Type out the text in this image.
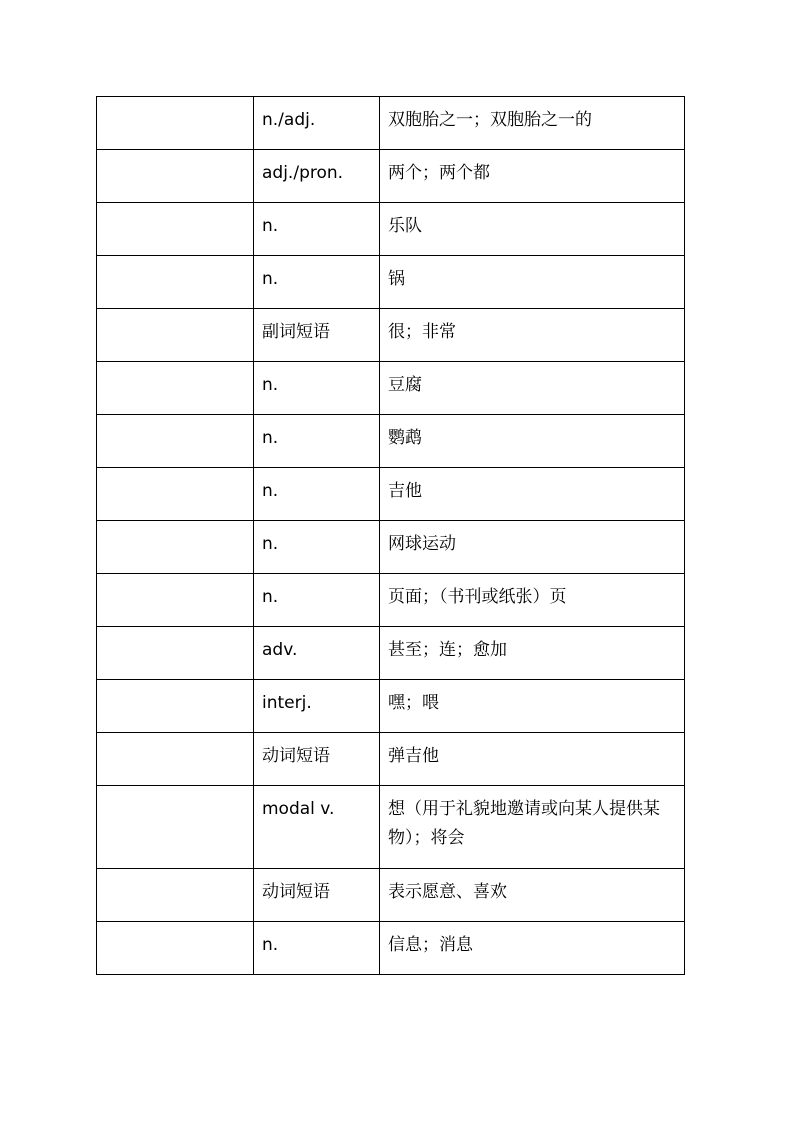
	n./adj.	双胞胎之一；双胞胎之一的

	adj./pron.	两个；两个都

	n.	乐队

	n.	锅

	副词短语	很；非常

	n.	豆腐

	n.	鹦鹉

	n.	吉他

	n.	网球运动

	n.	页面；（书刊或纸张）页

	adv.	甚至；连；愈加

	interj.	嘿；喂

	动词短语	弹吉他

	modal v.	想（用于礼貌地邀请或向某人提供某物）；将会

	动词短语	表示愿意、喜欢

	n.	信息；消息
